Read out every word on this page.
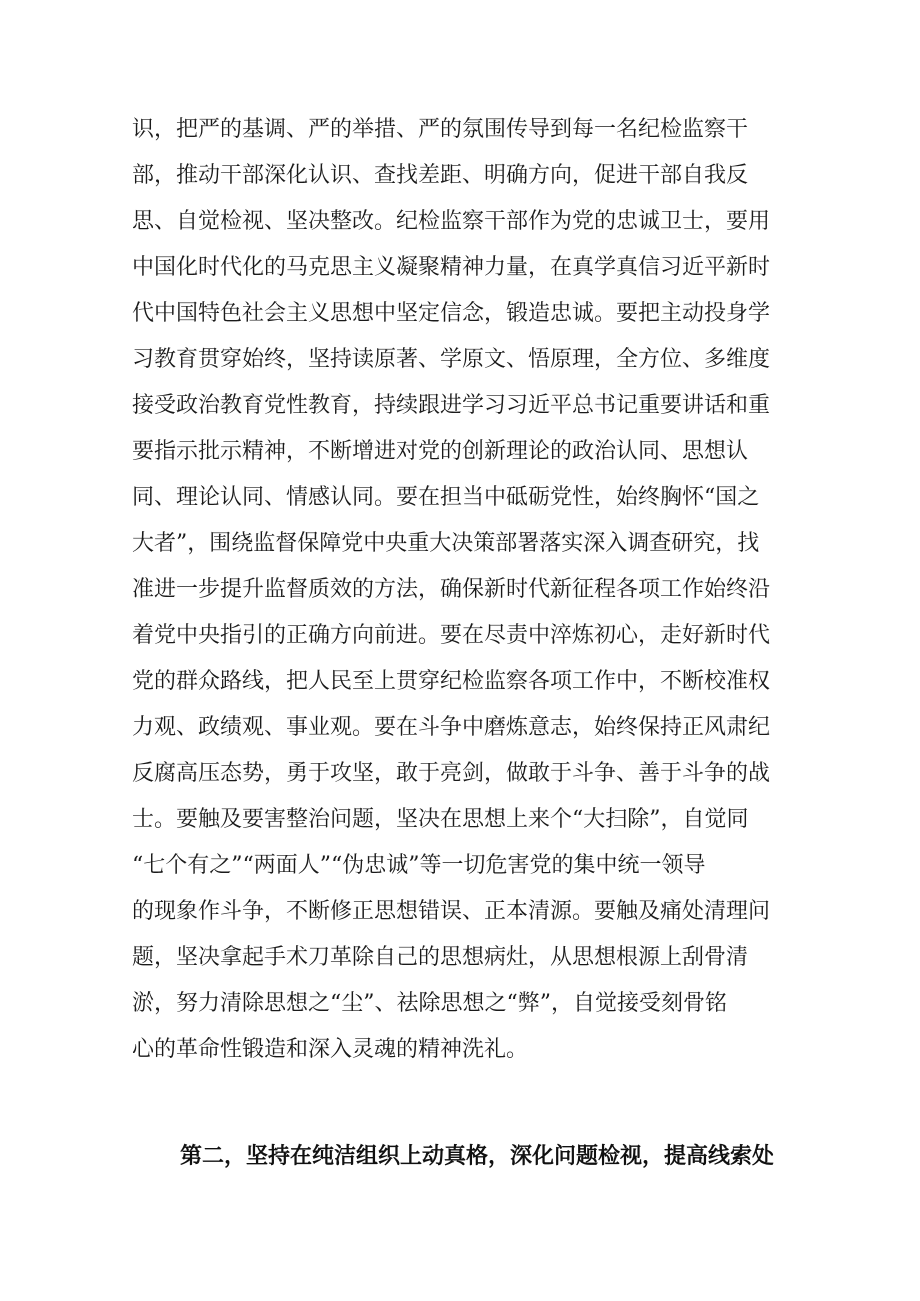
识，把严的基调、严的举措、严的氛围传导到每一名纪检监察干
部，推动干部深化认识、查找差距、明确方向，促进干部自我反
思、自觉检视、坚决整改。纪检监察干部作为党的忠诚卫士，要用
中国化时代化的马克思主义凝聚精神力量，在真学真信习近平新时
代中国特色社会主义思想中坚定信念，锻造忠诚。要把主动投身学
习教育贯穿始终，坚持读原著、学原文、悟原理，全方位、多维度
接受政治教育党性教育，持续跟进学习习近平总书记重要讲话和重
要指示批示精神，不断增进对党的创新理论的政治认同、思想认
同、理论认同、情感认同。要在担当中砥砺党性，始终胸怀“国之
大者”，围绕监督保障党中央重大决策部署落实深入调查研究，找
准进一步提升监督质效的方法，确保新时代新征程各项工作始终沿
着党中央指引的正确方向前进。要在尽责中淬炼初心，走好新时代
党的群众路线，把人民至上贯穿纪检监察各项工作中，不断校准权
力观、政绩观、事业观。要在斗争中磨炼意志，始终保持正风肃纪
反腐高压态势，勇于攻坚，敢于亮剑，做敢于斗争、善于斗争的战
士。要触及要害整治问题，坚决在思想上来个“大扫除”，自觉同
“七个有之”“两面人”“伪忠诚”等一切危害党的集中统一领导
的现象作斗争，不断修正思想错误、正本清源。要触及痛处清理问
题，坚决拿起手术刀革除自己的思想病灶，从思想根源上刮骨清
淤，努力清除思想之“尘”、祛除思想之“弊”，自觉接受刻骨铭
心的革命性锻造和深入灵魂的精神洗礼。
第二，坚持在纯洁组织上动真格，深化问题检视，提高线索处
